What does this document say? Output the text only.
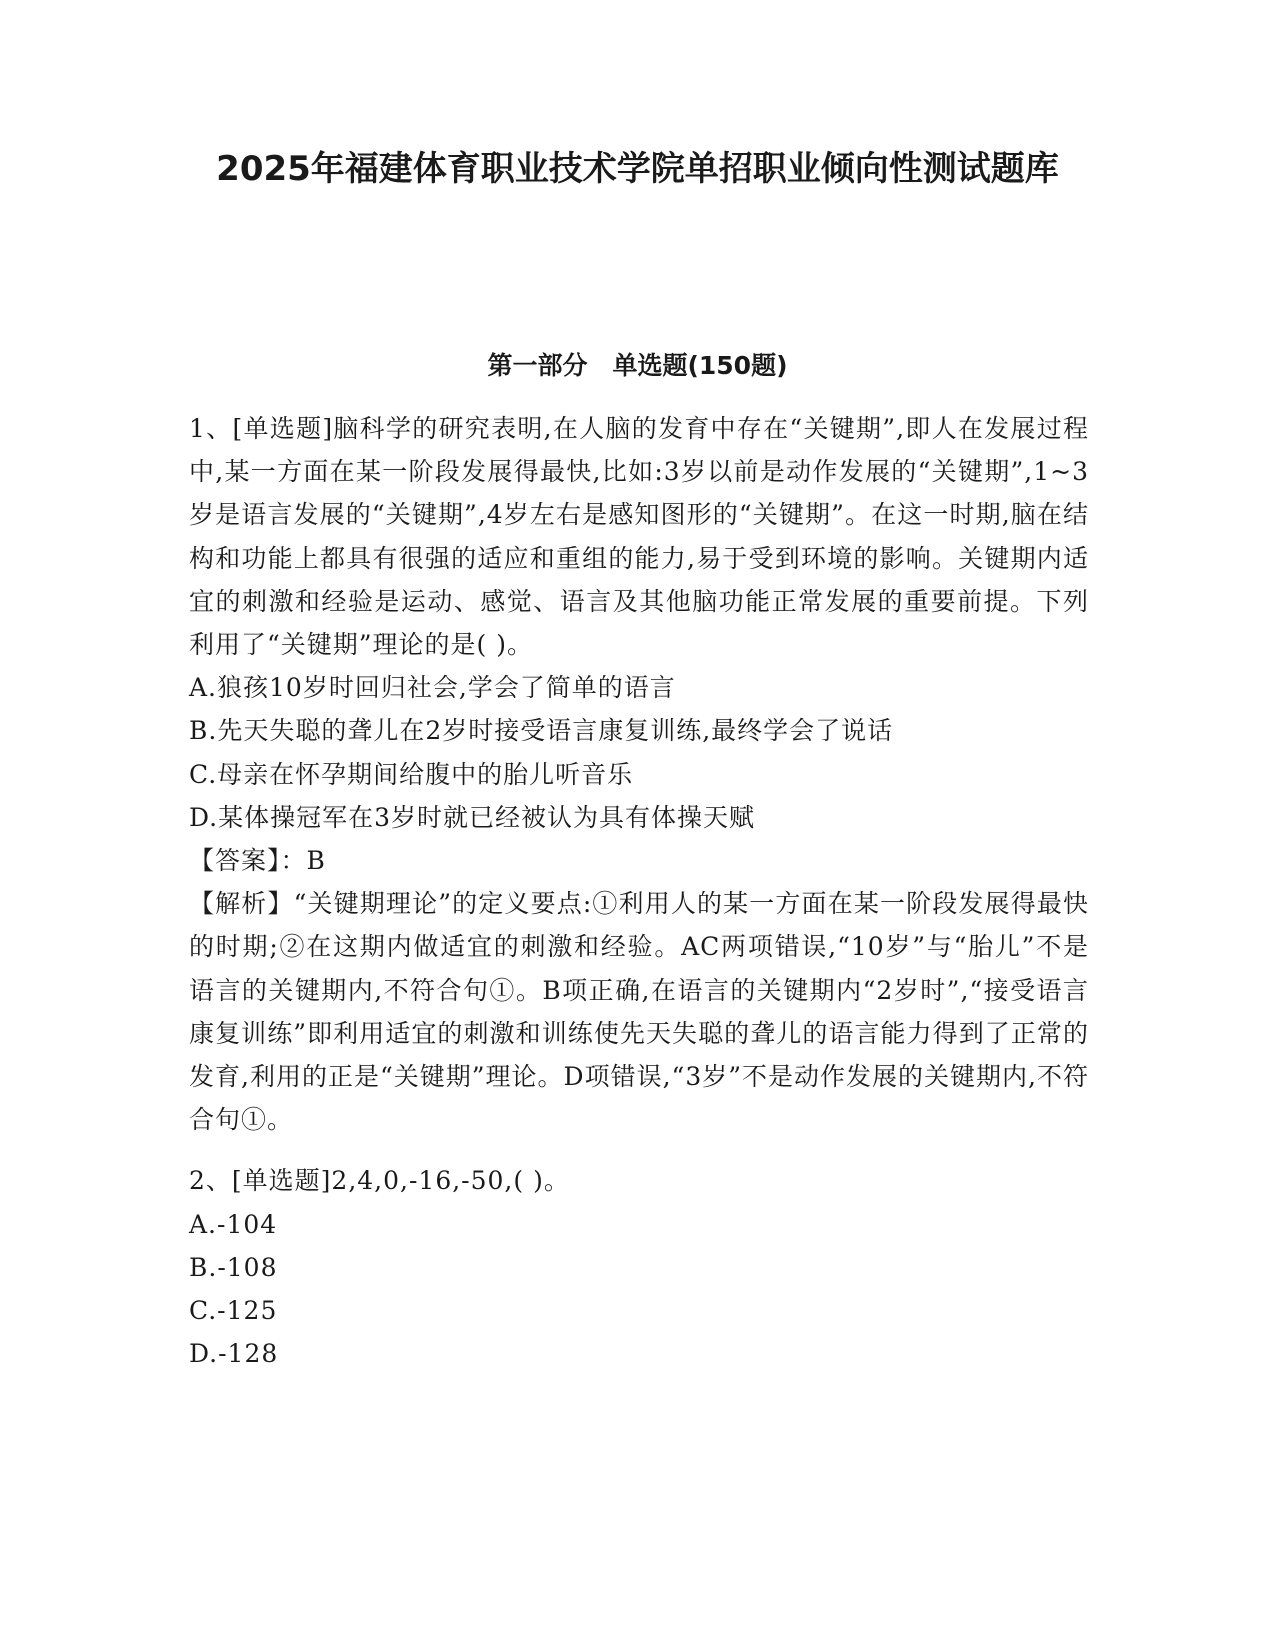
2025年福建体育职业技术学院单招职业倾向性测试题库
第一部分　单选题(150题)

1、[单选题]脑科学的研究表明,在人脑的发育中存在“关键期”,即人在发展过程中,某一方面在某一阶段发展得最快,比如:3岁以前是动作发展的“关键期”,1~3岁是语言发展的“关键期”,4岁左右是感知图形的“关键期”。在这一时期,脑在结构和功能上都具有很强的适应和重组的能力,易于受到环境的影响。关键期内适宜的刺激和经验是运动、感觉、语言及其他脑功能正常发展的重要前提。下列利用了“关键期”理论的是( )。

A.狼孩10岁时回归社会,学会了简单的语言

B.先天失聪的聋儿在2岁时接受语言康复训练,最终学会了说话

C.母亲在怀孕期间给腹中的胎儿听音乐

D.某体操冠军在3岁时就已经被认为具有体操天赋

【答案】：B

【解析】“关键期理论”的定义要点:①利用人的某一方面在某一阶段发展得最快的时期;②在这期内做适宜的刺激和经验。AC两项错误,“10岁”与“胎儿”不是语言的关键期内,不符合句①。B项正确,在语言的关键期内“2岁时”,“接受语言康复训练”即利用适宜的刺激和训练使先天失聪的聋儿的语言能力得到了正常的发育,利用的正是“关键期”理论。D项错误,“3岁”不是动作发展的关键期内,不符合句①。

2、[单选题]2,4,0,-16,-50,( )。

A.-104

B.-108

C.-125

D.-128
